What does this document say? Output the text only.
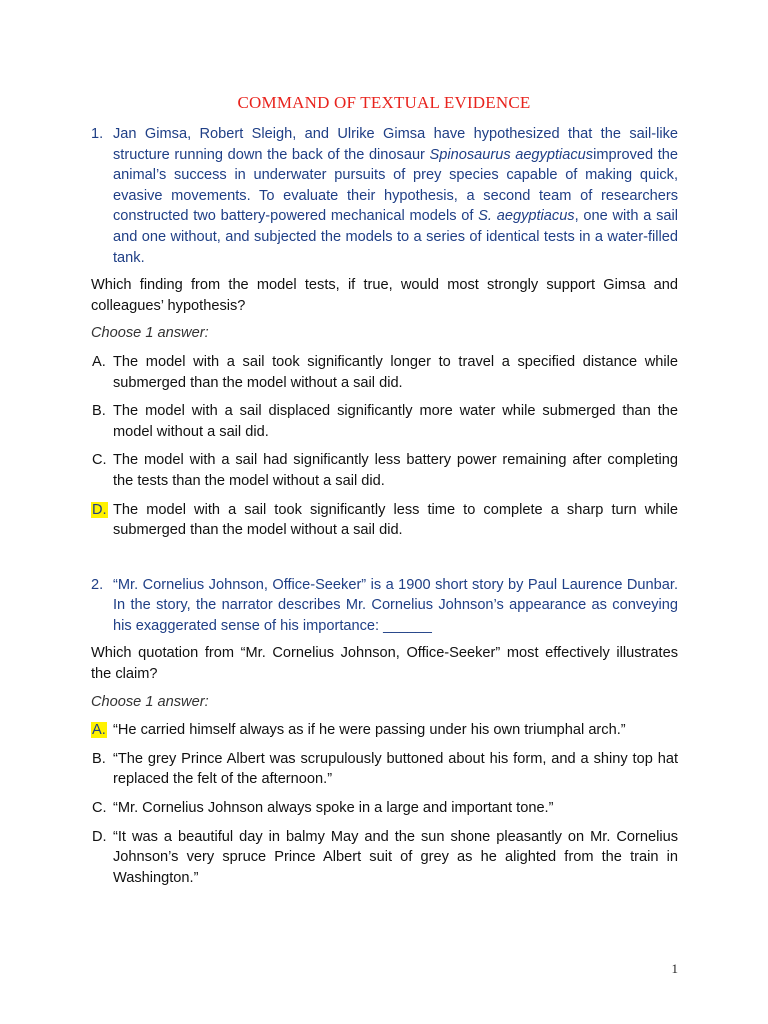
COMMAND OF TEXTUAL EVIDENCE
1. Jan Gimsa, Robert Sleigh, and Ulrike Gimsa have hypothesized that the sail-like structure running down the back of the dinosaur Spinosaurus aegyptiacusimproved the animal’s success in underwater pursuits of prey species capable of making quick, evasive movements. To evaluate their hypothesis, a second team of researchers constructed two battery-powered mechanical models of S. aegyptiacus, one with a sail and one without, and subjected the models to a series of identical tests in a water-filled tank.
Which finding from the model tests, if true, would most strongly support Gimsa and colleagues’ hypothesis?
Choose 1 answer:
A. The model with a sail took significantly longer to travel a specified distance while submerged than the model without a sail did.
B. The model with a sail displaced significantly more water while submerged than the model without a sail did.
C. The model with a sail had significantly less battery power remaining after completing the tests than the model without a sail did.
D. The model with a sail took significantly less time to complete a sharp turn while submerged than the model without a sail did.
2. “Mr. Cornelius Johnson, Office-Seeker” is a 1900 short story by Paul Laurence Dunbar. In the story, the narrator describes Mr. Cornelius Johnson’s appearance as conveying his exaggerated sense of his importance: ______
Which quotation from “Mr. Cornelius Johnson, Office-Seeker” most effectively illustrates the claim?
Choose 1 answer:
A. “He carried himself always as if he were passing under his own triumphal arch.”
B. “The grey Prince Albert was scrupulously buttoned about his form, and a shiny top hat replaced the felt of the afternoon.”
C. “Mr. Cornelius Johnson always spoke in a large and important tone.”
D. “It was a beautiful day in balmy May and the sun shone pleasantly on Mr. Cornelius Johnson’s very spruce Prince Albert suit of grey as he alighted from the train in Washington.”
1
